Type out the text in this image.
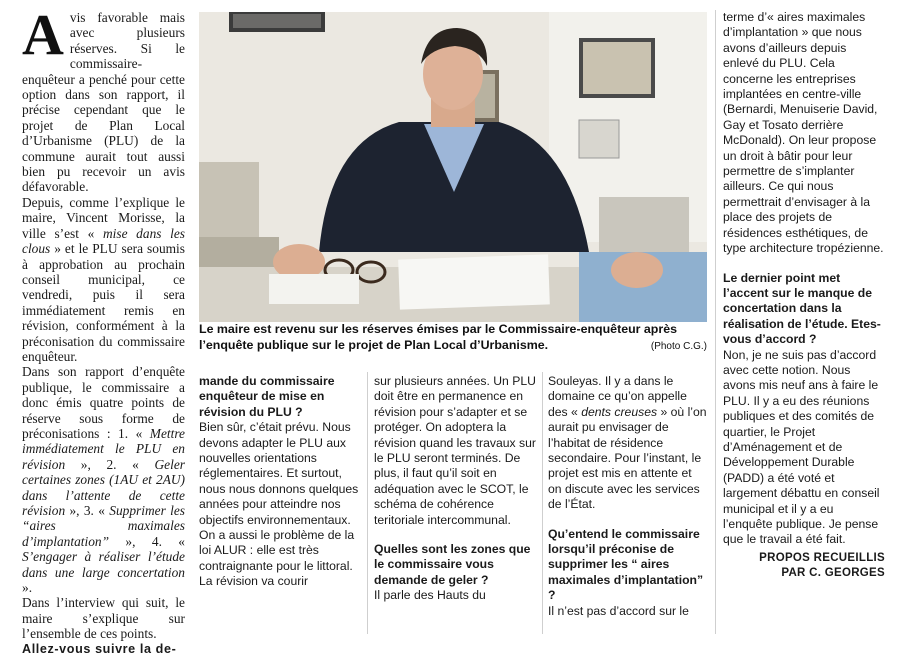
A vis favorable mais avec plusieurs réserves. Si le commissaire-enquêteur a penché pour cette option dans son rapport, il précise cependant que le projet de Plan Local d’Urbanisme (PLU) de la commune aurait tout aussi bien pu recevoir un avis défavorable.

Depuis, comme l’explique le maire, Vincent Morisse, la ville s’est « mise dans les clous » et le PLU sera soumis à approbation au prochain conseil municipal, ce vendredi, puis il sera immédiatement remis en révision, conformément à la préconisation du commissaire enquêteur.

Dans son rapport d’enquête publique, le commissaire a donc émis quatre points de réserve sous forme de préconisations : 1. « Mettre immédiatement le PLU en révision », 2. « Geler certaines zones (1AU et 2AU) dans l’attente de cette révision », 3. « Supprimer les “aires maximales d’implantation” », 4. « S’engager à réaliser l’étude dans une large concertation ».

Dans l’interview qui suit, le maire s’explique sur l’ensemble de ces points.

Allez-vous suivre la de-

Le maire est revenu sur les réserves émises par le Commissaire-enquêteur après l’enquête publique sur le projet de Plan Local d’Urbanisme.	(Photo C.G.)

mande du commissaire enquêteur de mise en révision du PLU ?

Bien sûr, c’était prévu. Nous devons adapter le PLU aux nouvelles orientations réglementaires. Et surtout, nous nous donnons quelques années pour atteindre nos objectifs environnementaux. On a aussi le problème de la loi ALUR : elle est très contraignante pour le littoral. La révision va courir

sur plusieurs années. Un PLU doit être en permanence en révision pour s’adapter et se protéger. On adoptera la révision quand les travaux sur le PLU seront terminés. De plus, il faut qu’il soit en adéquation avec le SCOT, le schéma de cohérence teritoriale intercommunal.

Quelles sont les zones que le commissaire vous demande de geler ?

Il parle des Hauts du

Souleyas. Il y a dans le domaine ce qu’on appelle des « dents creuses » où l’on aurait pu envisager de l’habitat de résidence secondaire. Pour l’instant, le projet est mis en attente et on discute avec les services de l’État.

Qu’entend le commissaire lorsqu’il préconise de supprimer les “ aires maximales d’implantation” ?

Il n’est pas d’accord sur le

terme d’« aires maximales d’implantation » que nous avons d’ailleurs depuis enlevé du PLU. Cela concerne les entreprises implantées en centre-ville (Bernardi, Menuiserie David, Gay et Tosato derrière McDonald). On leur propose un droit à bâtir pour leur permettre de s’implanter ailleurs. Ce qui nous permettrait d’envisager à la place des projets de résidences esthétiques, de type architecture tropézienne.

Le dernier point met l’accent sur le manque de concertation dans la réalisation de l’étude. Etes-vous d’accord ?

Non, je ne suis pas d’accord avec cette notion. Nous avons mis neuf ans à faire le PLU. Il y a eu des réunions publiques et des comités de quartier, le Projet d’Aménagement et de Développement Durable (PADD) a été voté et largement débattu en conseil municipal et il y a eu l’enquête publique. Je pense que le travail a été fait.

PROPOS RECUEILLIS
PAR C. GEORGES
